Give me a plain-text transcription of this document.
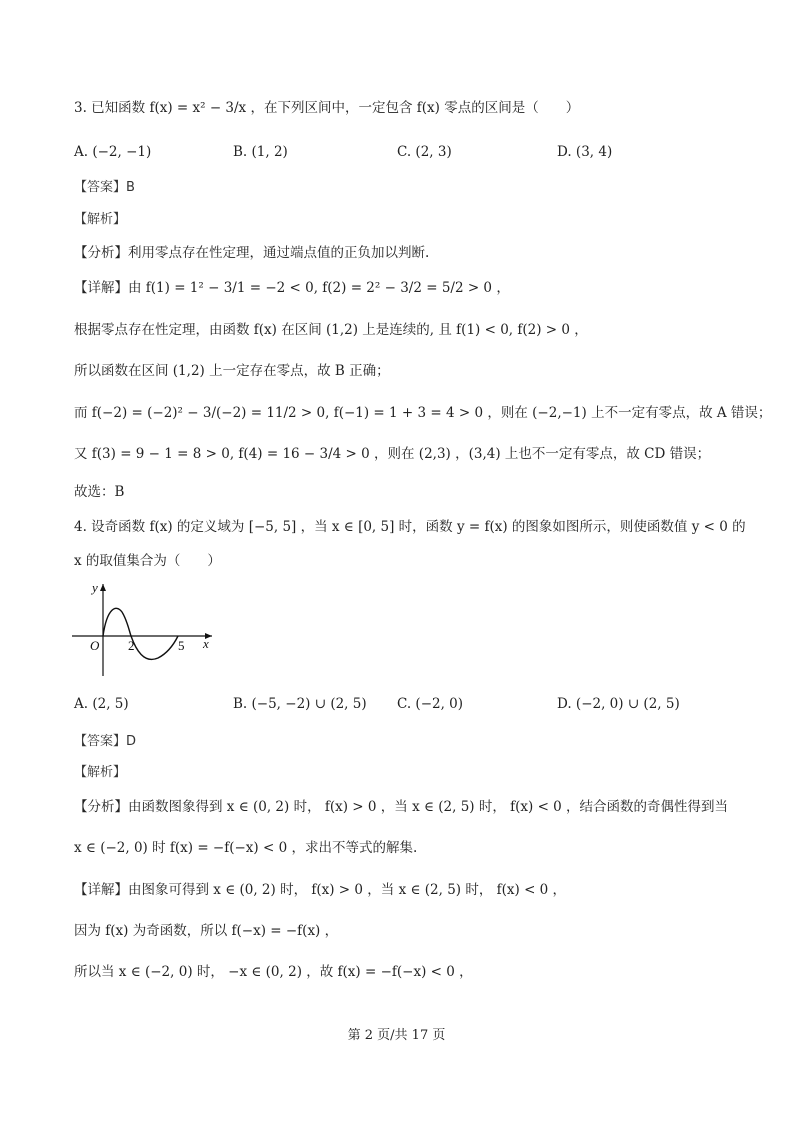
3. 已知函数 f(x) = x² − 3/x ，在下列区间中，一定包含 f(x) 零点的区间是（　　）
A. (−2, −1)	B. (1, 2)	C. (2, 3)	D. (3, 4)
【答案】B
【解析】
【分析】利用零点存在性定理，通过端点值的正负加以判断.
【详解】由 f(1) = 1² − 3/1 = −2 < 0, f(2) = 2² − 3/2 = 5/2 > 0 ，
根据零点存在性定理，由函数 f(x) 在区间 (1,2) 上是连续的, 且 f(1) < 0, f(2) > 0 ，
所以函数在区间 (1,2) 上一定存在零点，故 B 正确；
而 f(−2) = (−2)² − 3/(−2) = 11/2 > 0, f(−1) = 1 + 3 = 4 > 0 ，则在 (−2,−1) 上不一定有零点，故 A 错误；
又 f(3) = 9 − 1 = 8 > 0, f(4) = 16 − 3/4 > 0 ，则在 (2,3) ，(3,4) 上也不一定有零点，故 CD 错误；
故选：B
4. 设奇函数 f(x) 的定义域为 [−5, 5] ，当 x ∈ [0, 5] 时，函数 y = f(x) 的图象如图所示，则使函数值 y < 0 的
x 的取值集合为（　　）
y
O 2	5 x
A. (2, 5)	B. (−5, −2) ∪ (2, 5) C. (−2, 0)	D. (−2, 0) ∪ (2, 5)
【答案】D
【解析】
【分析】由函数图象得到 x ∈ (0, 2) 时， f(x) > 0 ，当 x ∈ (2, 5) 时， f(x) < 0 ，结合函数的奇偶性得到当
x ∈ (−2, 0) 时 f(x) = −f(−x) < 0 ，求出不等式的解集.
【详解】由图象可得到 x ∈ (0, 2) 时， f(x) > 0 ，当 x ∈ (2, 5) 时， f(x) < 0 ，
因为 f(x) 为奇函数，所以 f(−x) = −f(x) ，
所以当 x ∈ (−2, 0) 时， −x ∈ (0, 2) ，故 f(x) = −f(−x) < 0 ，
第 2 页/共 17 页
